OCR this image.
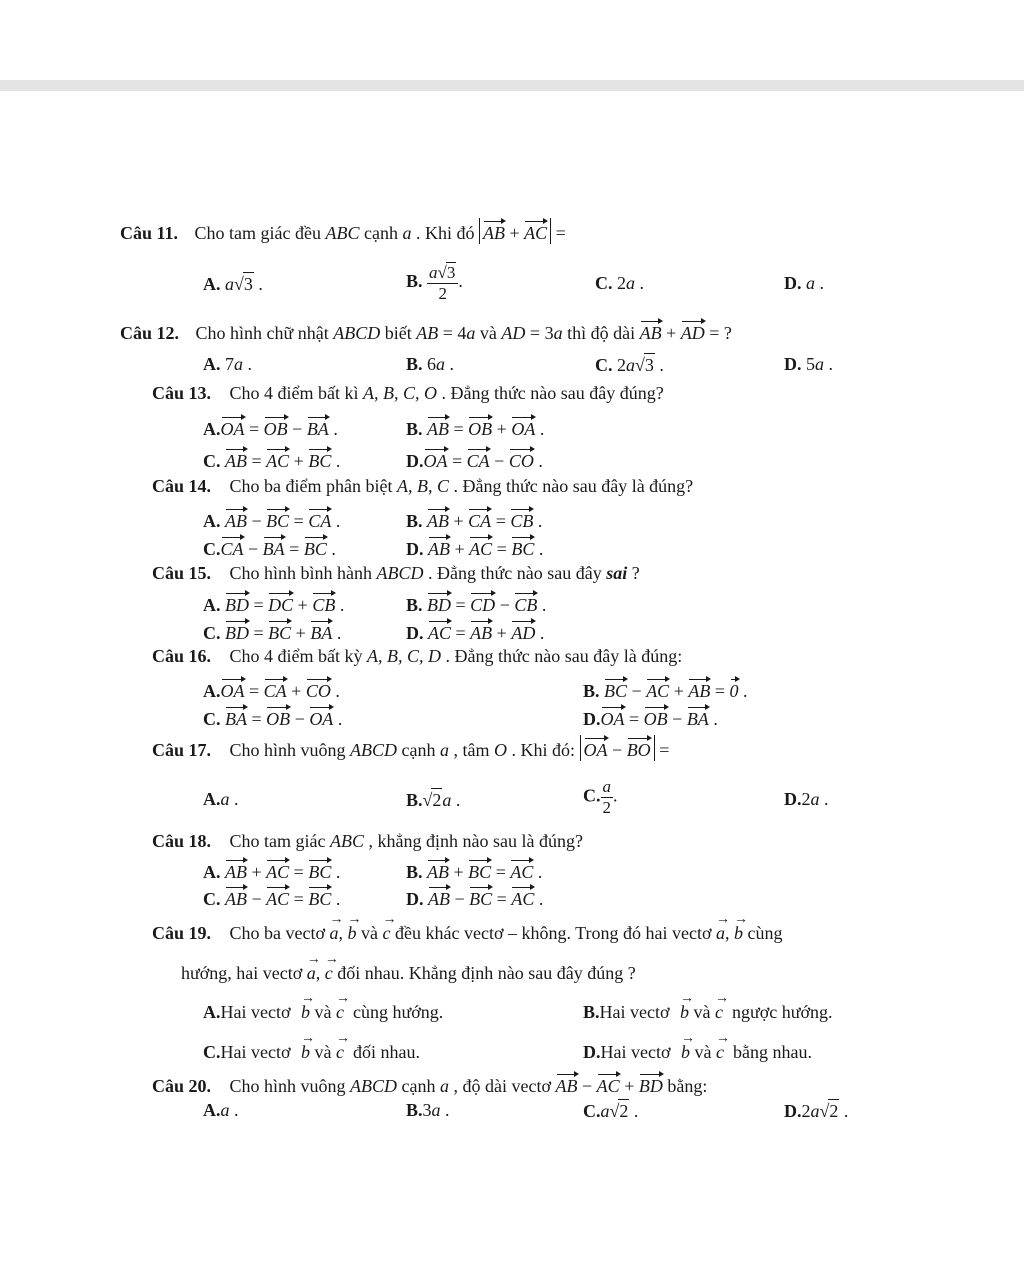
Câu 11. Cho tam giác đều ABC cạnh a . Khi đó AB + AC =
A. a√3 .	B. $\frac{a√3}{2}$ .	C. 2a .	D. a .
Câu 12. Cho hình chữ nhật ABCD biết AB = 4a và AD = 3a thì độ dài AB + AD = ?
A. 7a .	B. 6a .	C. 2a√3 .	D. 5a .
Câu 13. Cho 4 điểm bất kì A, B, C, O . Đẳng thức nào sau đây đúng?
A.OA = OB − BA .	B. AB = OB + OA .
C. AB = AC + BC .	D.OA = CA − CO .
Câu 14. Cho ba điểm phân biệt A, B, C . Đẳng thức nào sau đây là đúng?
A. AB − BC = CA .	B. AB + CA = CB .
C.CA − BA = BC .	D. AB + AC = BC .
Câu 15. Cho hình bình hành ABCD . Đẳng thức nào sau đây sai ?
A. BD = DC + CB .	B. BD = CD − CB .
C. BD = BC + BA .	D. AC = AB + AD .
Câu 16. Cho 4 điểm bất kỳ A, B, C, D . Đẳng thức nào sau đây là đúng:
A.OA = CA + CO .	B. BC − AC + AB = 0 .
C. BA = OB − OA .	D.OA = OB − BA .
Câu 17. Cho hình vuông ABCD cạnh a , tâm O . Khi đó: OA − BO =
A.a .	B.√2a .	C. $\frac{a}{2}$ .	D.2a .
Câu 18. Cho tam giác ABC , khẳng định nào sau là đúng?
A. AB + AC = BC .	B. AB + BC = AC .
C. AB − AC = BC .	D. AB − BC = AC .
Câu 19. Cho ba vectơ a
→
, b
→
và c
→
đều khác vectơ – không. Trong đó hai vectơ a
→
, b
→
cùng
hướng, hai vectơ a
→
, c
→
đối nhau. Khẳng định nào sau đây đúng ?
A.Hai vectơ b
→
và c
→
cùng hướng.	B.Hai vectơ b
→
và c
→
ngược hướng.
C.Hai vectơ b
→
và c
→
đối nhau.	D.Hai vectơ b
→
và c
→
bằng nhau.
Câu 20. Cho hình vuông ABCD cạnh a , độ dài vectơ AB − AC + BD bằng:
A.a .	B.3a .	C.a√2 .	D.2a√2 .
